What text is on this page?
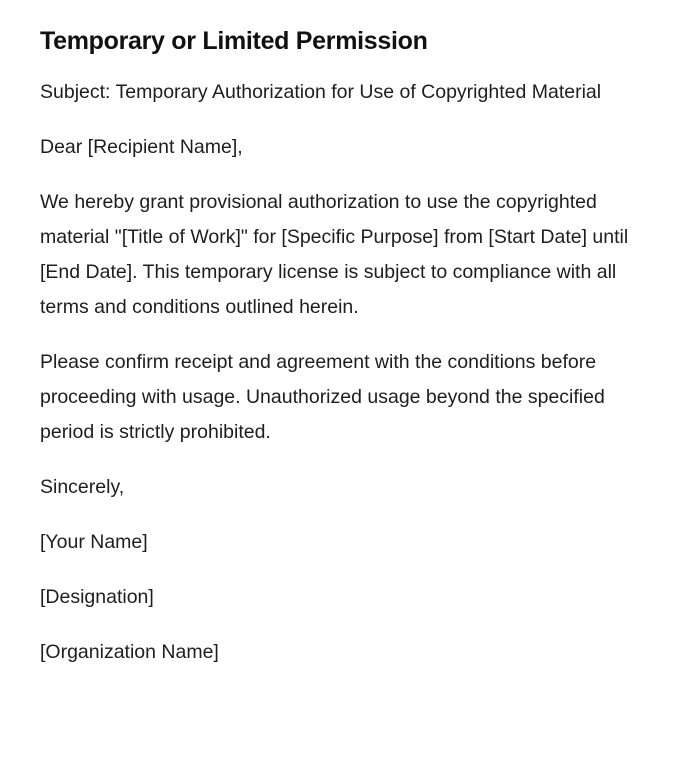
Temporary or Limited Permission

Subject: Temporary Authorization for Use of Copyrighted Material

Dear [Recipient Name],

We hereby grant provisional authorization to use the copyrighted material "[Title of Work]" for [Specific Purpose] from [Start Date] until [End Date]. This temporary license is subject to compliance with all terms and conditions outlined herein.

Please confirm receipt and agreement with the conditions before proceeding with usage. Unauthorized usage beyond the specified period is strictly prohibited.

Sincerely,

[Your Name]

[Designation]

[Organization Name]
